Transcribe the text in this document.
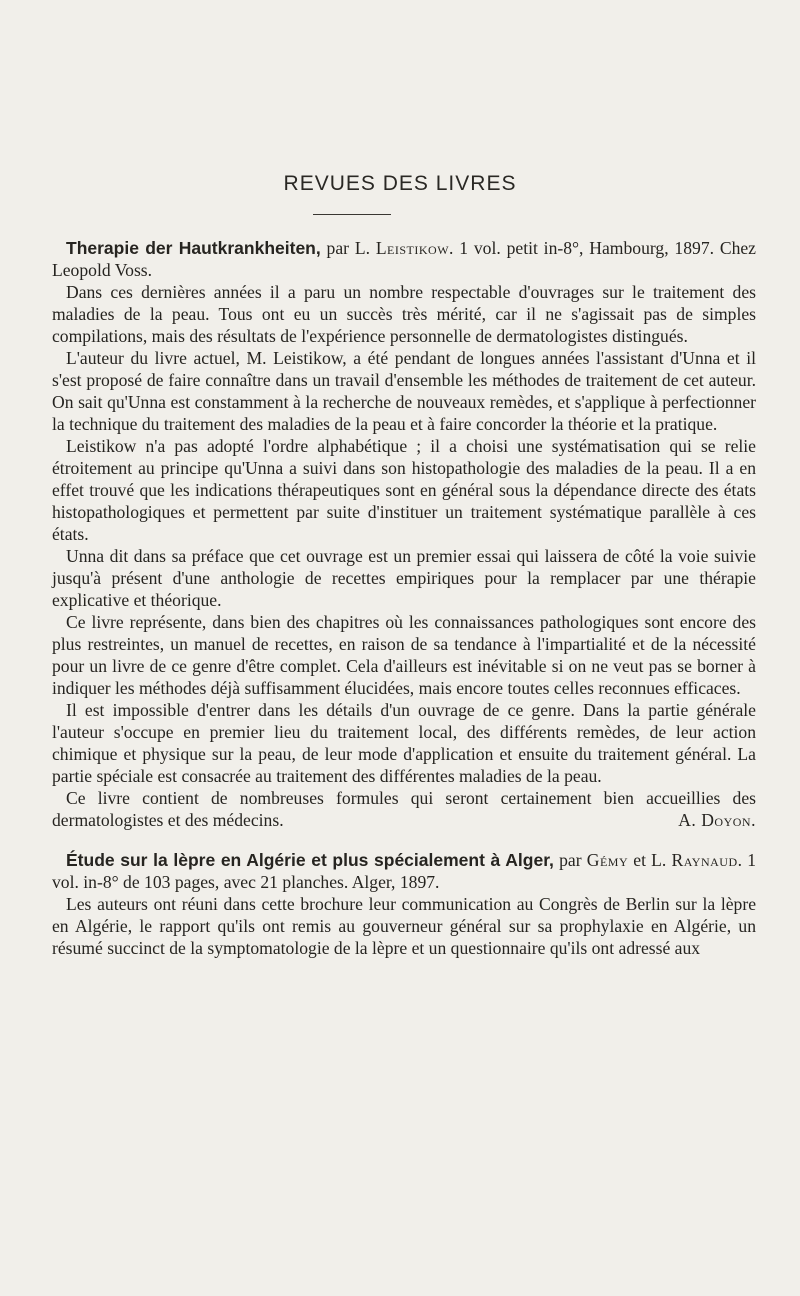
REVUES DES LIVRES

Therapie der Hautkrankheiten, par L. Leistikow. 1 vol. petit in-8°, Hambourg, 1897. Chez Leopold Voss.

Dans ces dernières années il a paru un nombre respectable d'ouvrages sur le traitement des maladies de la peau. Tous ont eu un succès très mérité, car il ne s'agissait pas de simples compilations, mais des résultats de l'expérience personnelle de dermatologistes distingués.

L'auteur du livre actuel, M. Leistikow, a été pendant de longues années l'assistant d'Unna et il s'est proposé de faire connaître dans un travail d'ensemble les méthodes de traitement de cet auteur. On sait qu'Unna est constamment à la recherche de nouveaux remèdes, et s'applique à perfectionner la technique du traitement des maladies de la peau et à faire concorder la théorie et la pratique.

Leistikow n'a pas adopté l'ordre alphabétique ; il a choisi une systématisation qui se relie étroitement au principe qu'Unna a suivi dans son histopathologie des maladies de la peau. Il a en effet trouvé que les indications thérapeutiques sont en général sous la dépendance directe des états histopathologiques et permettent par suite d'instituer un traitement systématique parallèle à ces états.

Unna dit dans sa préface que cet ouvrage est un premier essai qui laissera de côté la voie suivie jusqu'à présent d'une anthologie de recettes empiriques pour la remplacer par une thérapie explicative et théorique.

Ce livre représente, dans bien des chapitres où les connaissances pathologiques sont encore des plus restreintes, un manuel de recettes, en raison de sa tendance à l'impartialité et de la nécessité pour un livre de ce genre d'être complet. Cela d'ailleurs est inévitable si on ne veut pas se borner à indiquer les méthodes déjà suffisamment élucidées, mais encore toutes celles reconnues efficaces.

Il est impossible d'entrer dans les détails d'un ouvrage de ce genre. Dans la partie générale l'auteur s'occupe en premier lieu du traitement local, des différents remèdes, de leur action chimique et physique sur la peau, de leur mode d'application et ensuite du traitement général. La partie spéciale est consacrée au traitement des différentes maladies de la peau.

Ce livre contient de nombreuses formules qui seront certainement bien accueillies des dermatologistes et des médecins.	A. Doyon.

Étude sur la lèpre en Algérie et plus spécialement à Alger, par Gémy et L. Raynaud. 1 vol. in-8° de 103 pages, avec 21 planches. Alger, 1897.

Les auteurs ont réuni dans cette brochure leur communication au Congrès de Berlin sur la lèpre en Algérie, le rapport qu'ils ont remis au gouverneur général sur sa prophylaxie en Algérie, un résumé succinct de la symptomatologie de la lèpre et un questionnaire qu'ils ont adressé aux
